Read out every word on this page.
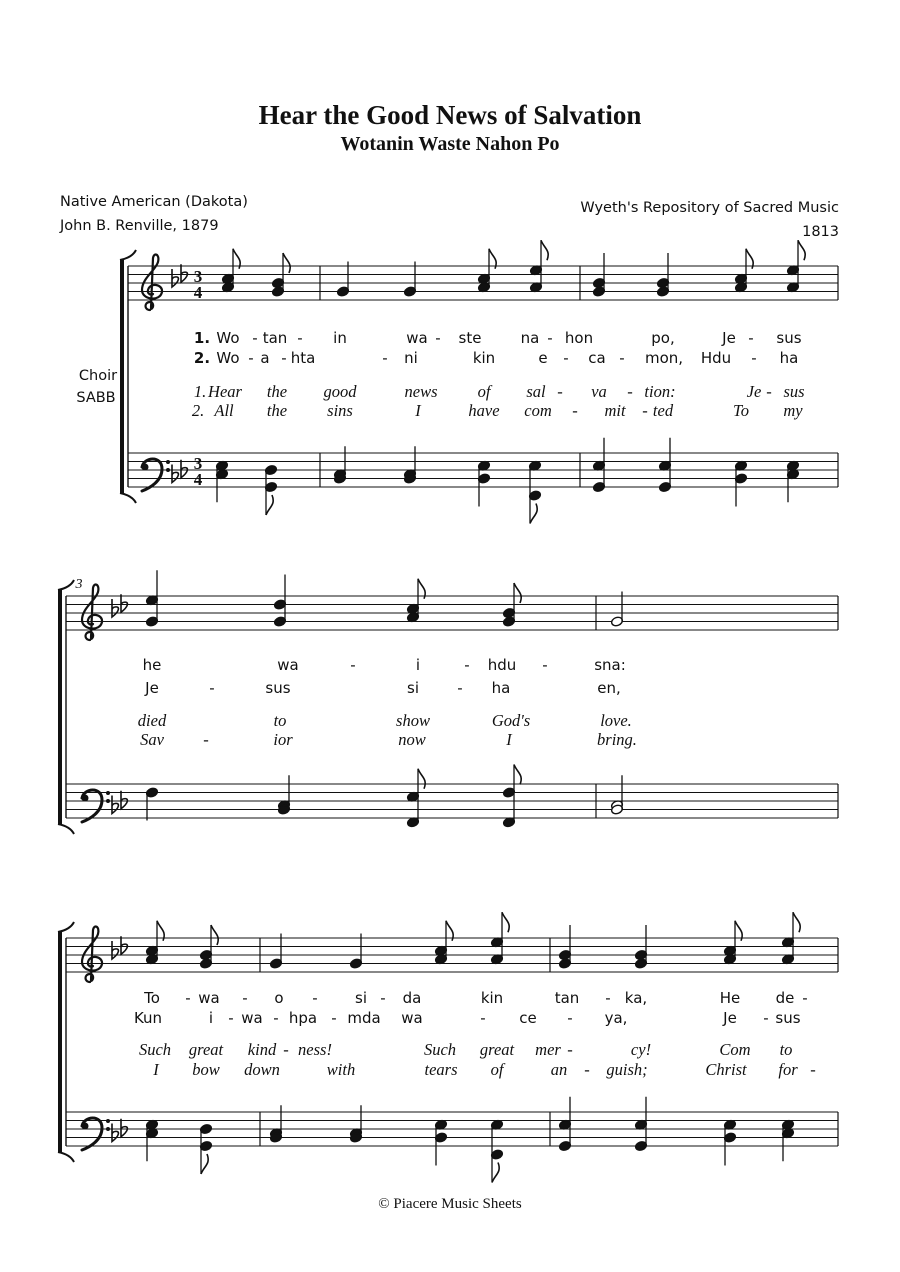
Hear the Good News of Salvation
Wotanin Waste Nahon Po
Native American (Dakota)
John B. Renville, 1879
Wyeth's Repository of Sacred Music
1813
3
4
3
4
Choir
SABB
Wo
1.	- tan - in	wa - ste	na - hon	po,	Je - sus
Wo
2.	- a - hta	- ni	kin	e - ca - mon, Hdu - ha
1. Hear the good	news of sal - va - tion:	Je - sus
2. All the sins	I	have com - mit - ted	To my
3
he	wa	-	i	- hdu -	sna:
Je	-	sus	si	- ha	en,
died	to	show	God's	love.
Sav -	ior	now	I	bring.
To - wa - o - si - da	kin	tan - ka,	He de -
Kun	i - wa - hpa - mda wa	- ce - ya,	Je - sus
Such great kind - ness!	Such great mer -	cy!	Com to
I bow down	with	tears of	an - guish;	Christ for -
© Piacere Music Sheets
